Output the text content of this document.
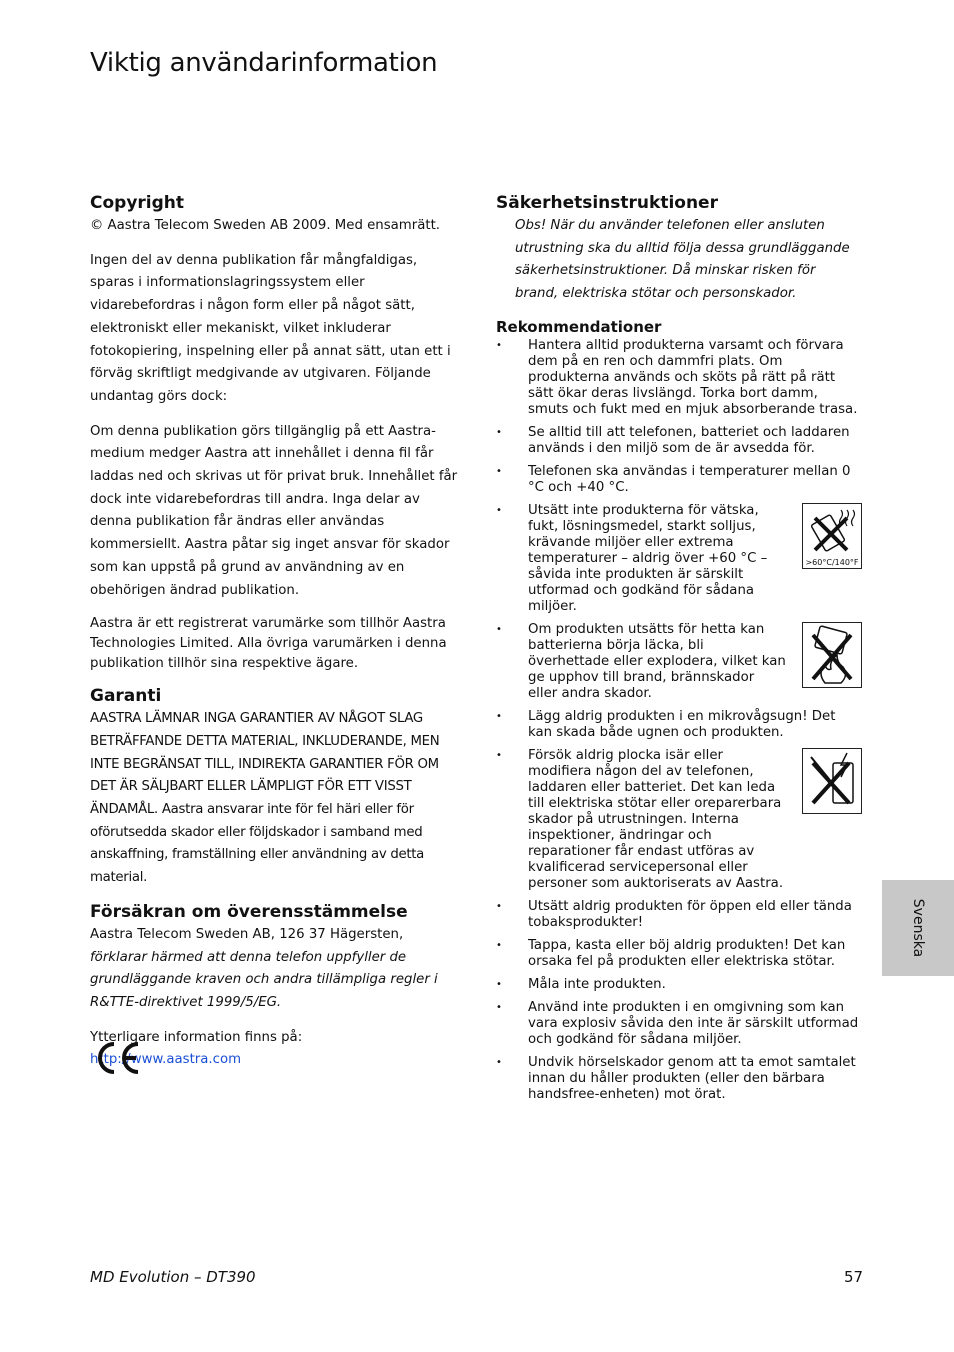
Viktig användarinformation
Copyright

© Aastra Telecom Sweden AB 2009. Med ensamrätt.

Ingen del av denna publikation får mångfaldigas, sparas i informationslagringssystem eller vidarebefordras i någon form eller på något sätt, elektroniskt eller mekaniskt, vilket inkluderar fotokopiering, inspelning eller på annat sätt, utan ett i förväg skriftligt medgivande av utgivaren. Följande undantag görs dock:

Om denna publikation görs tillgänglig på ett Aastra-medium medger Aastra att innehållet i denna fil får laddas ned och skrivas ut för privat bruk. Innehållet får dock inte vidarebefordras till andra. Inga delar av denna publikation får ändras eller användas kommersiellt. Aastra påtar sig inget ansvar för skador som kan uppstå på grund av användning av en obehörigen ändrad publikation.

Aastra är ett registrerat varumärke som tillhör Aastra Technologies Limited. Alla övriga varumärken i denna publikation tillhör sina respektive ägare.

Garanti

AASTRA LÄMNAR INGA GARANTIER AV NÅGOT SLAG BETRÄFFANDE DETTA MATERIAL, INKLUDERANDE, MEN INTE BEGRÄNSAT TILL, INDIREKTA GARANTIER FÖR OM DET ÄR SÄLJBART ELLER LÄMPLIGT FÖR ETT VISST ÄNDAMÅL. Aastra ansvarar inte för fel häri eller för oförutsedda skador eller följdskador i samband med anskaffning, framställning eller användning av detta material.

Försäkran om överensstämmelse

Aastra Telecom Sweden AB, 126 37 Hägersten, förklarar härmed att denna telefon uppfyller de grundläggande kraven och andra tillämpliga regler i R&TTE-direktivet 1999/5/EG.

Ytterligare information finns på:

http://www.aastra.com

Säkerhetsinstruktioner

Obs! När du använder telefonen eller ansluten utrustning ska du alltid följa dessa grundläggande säkerhetsinstruktioner. Då minskar risken för brand, elektriska stötar och personskador.

Rekommendationer
• Hantera alltid produkterna varsamt och förvara dem på en ren och dammfri plats. Om produkterna används och sköts på rätt på rätt sätt ökar deras livslängd. Torka bort damm, smuts och fukt med en mjuk absorberande trasa.
• Se alltid till att telefonen, batteriet och laddaren används i den miljö som de är avsedda för.
• Telefonen ska användas i temperaturer mellan 0 °C och +40 °C.
• Utsätt inte produkterna för vätska, fukt, lösningsmedel, starkt solljus, krävande miljöer eller extrema temperaturer – aldrig över +60 °C – såvida inte produkten är särskilt utformad och godkänd för sådana miljöer.
>60°C/140°F
• Om produkten utsätts för hetta kan batterierna börja läcka, bli överhettade eller explodera, vilket kan ge upphov till brand, brännskador eller andra skador.
• Lägg aldrig produkten i en mikrovågsugn! Det kan skada både ugnen och produkten.
• Försök aldrig plocka isär eller modifiera någon del av telefonen, laddaren eller batteriet. Det kan leda till elektriska stötar eller oreparerbara skador på utrustningen. Interna inspektioner, ändringar och reparationer får endast utföras av kvalificerad servicepersonal eller personer som auktoriserats av Aastra.
• Utsätt aldrig produkten för öppen eld eller tända tobaksprodukter!
• Tappa, kasta eller böj aldrig produkten! Det kan orsaka fel på produkten eller elektriska stötar.
• Måla inte produkten.
• Använd inte produkten i en omgivning som kan vara explosiv såvida den inte är särskilt utformad och godkänd för sådana miljöer.
• Undvik hörselskador genom att ta emot samtalet innan du håller produkten (eller den bärbara handsfree-enheten) mot örat.
Svenska
MD Evolution – DT390	57
